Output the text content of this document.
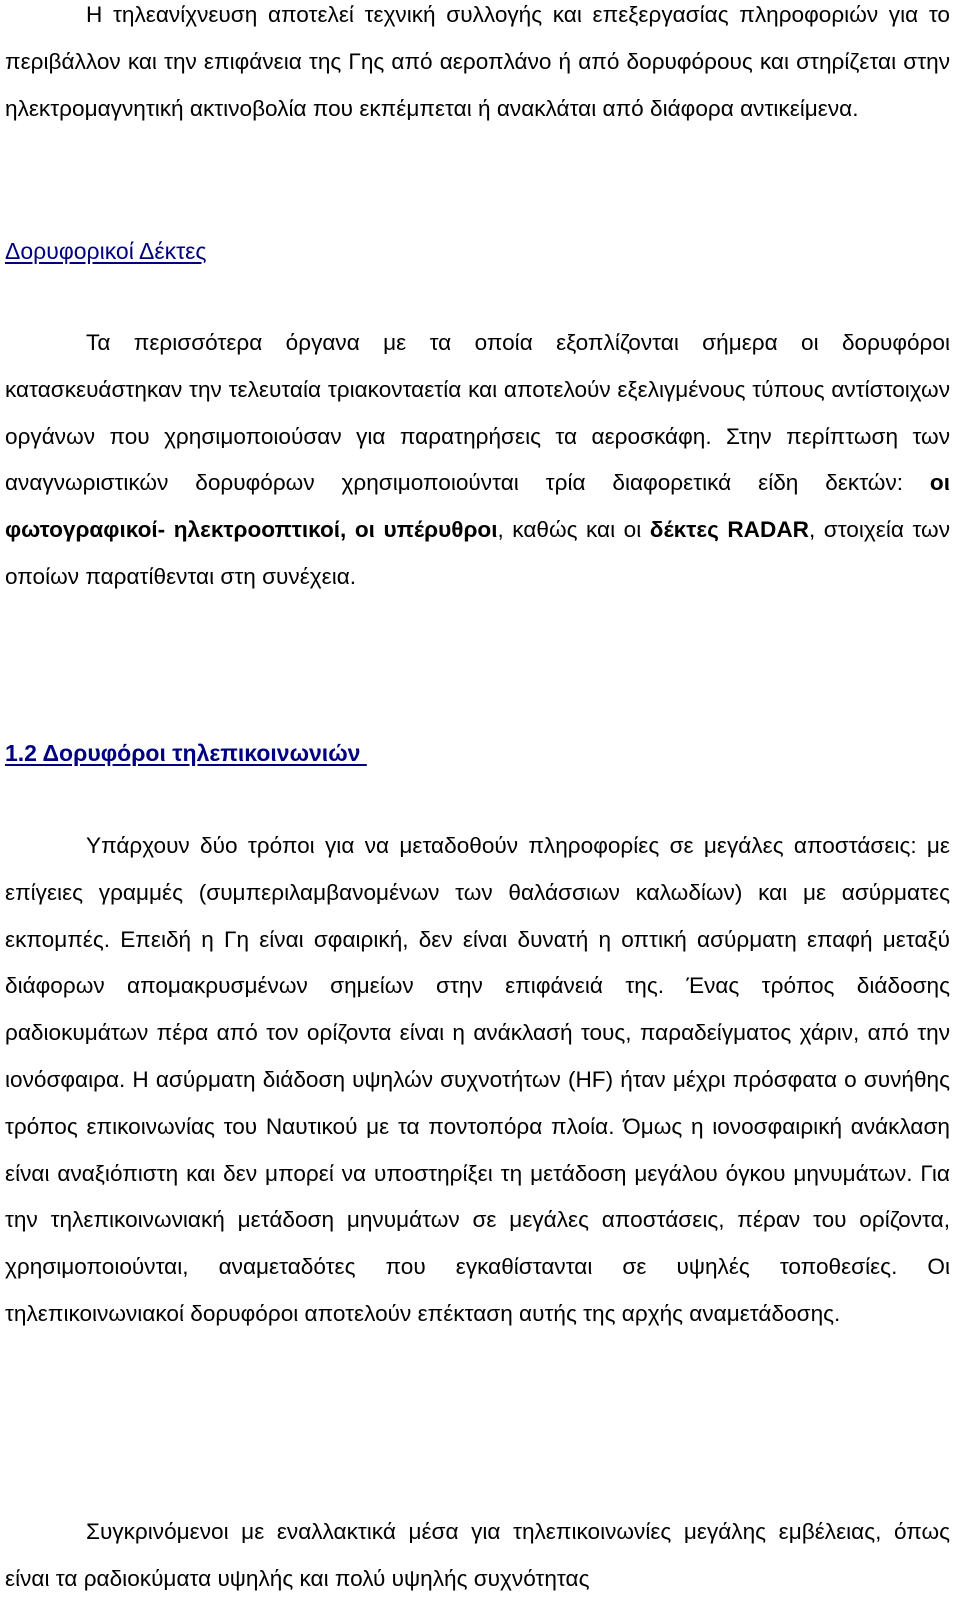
Η τηλεανίχνευση αποτελεί τεχνική συλλογής και επεξεργασίας πληροφοριών για το περιβάλλον και την επιφάνεια της Γης από αεροπλάνο ή από δορυφόρους και στηρίζεται στην ηλεκτρομαγνητική ακτινοβολία που εκπέμπεται ή ανακλάται από διάφορα αντικείμενα.

Δορυφορικοί Δέκτες

Τα περισσότερα όργανα με τα οποία εξοπλίζονται σήμερα οι δορυφόροι κατασκευάστηκαν την τελευταία τριακονταετία και αποτελούν εξελιγμένους τύπους αντίστοιχων οργάνων που χρησιμοποιούσαν για παρατηρήσεις τα αεροσκάφη. Στην περίπτωση των αναγνωριστικών δορυφόρων χρησιμοποιούνται τρία διαφορετικά είδη δεκτών: οι φωτογραφικοί- ηλεκτροοπτικοί, οι υπέρυθροι, καθώς και οι δέκτες RADAR, στοιχεία των οποίων παρατίθενται στη συνέχεια.

1.2 Δορυφόροι τηλεπικοινωνιών

Υπάρχουν δύο τρόποι για να μεταδοθούν πληροφορίες σε μεγάλες αποστάσεις: με επίγειες γραμμές (συμπεριλαμβανομένων των θαλάσσιων καλωδίων) και με ασύρματες εκπομπές. Επειδή η Γη είναι σφαιρική, δεν είναι δυνατή η οπτική ασύρματη επαφή μεταξύ διάφορων απομακρυσμένων σημείων στην επιφάνειά της. Ένας τρόπος διάδοσης ραδιοκυμάτων πέρα από τον ορίζοντα είναι η ανάκλασή τους, παραδείγματος χάριν, από την ιονόσφαιρα. Η ασύρματη διάδοση υψηλών συχνοτήτων (HF) ήταν μέχρι πρόσφατα ο συνήθης τρόπος επικοινωνίας του Ναυτικού με τα ποντοπόρα πλοία. Όμως η ιονοσφαιρική ανάκλαση είναι αναξιόπιστη και δεν μπορεί να υποστηρίξει τη μετάδοση μεγάλου όγκου μηνυμάτων. Για την τηλεπικοινωνιακή μετάδοση μηνυμάτων σε μεγάλες αποστάσεις, πέραν του ορίζοντα, χρησιμοποιούνται, αναμεταδότες που εγκαθίστανται σε υψηλές τοποθεσίες. Οι τηλεπικοινωνιακοί δορυφόροι αποτελούν επέκταση αυτής της αρχής αναμετάδοσης.

Συγκρινόμενοι με εναλλακτικά μέσα για τηλεπικοινωνίες μεγάλης εμβέλειας, όπως είναι τα ραδιοκύματα υψηλής και πολύ υψηλής συχνότητας
